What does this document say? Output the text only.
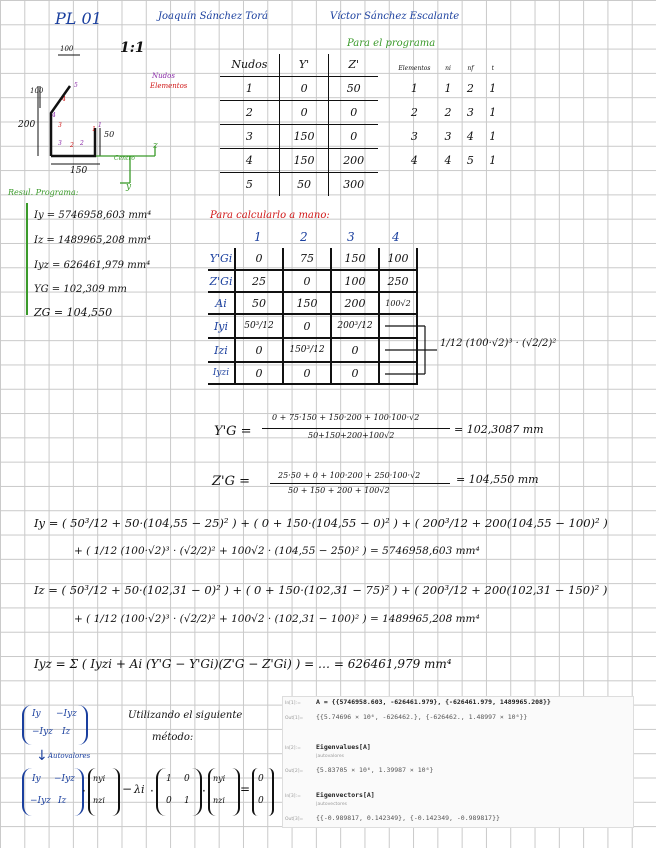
PL 01	Joaquín Sánchez Torá	Víctor Sánchez Escalante
1:1
100
100
200
50
150
Nudos
Elementos
Centro
z
y
5
4
1
2
3
4
3
1
2
Para el programa
Nudos	Y'	Z'
1	0	50
2	0	0
3	150	0
4	150	200
5	50	300
Elementos	ni	nf	t
1	1	2	1
2	2	3	1
3	3	4	1
4	4	5	1
Resul. Programa:
Iy = 5746958,603 mm⁴
Iz = 1489965,208 mm⁴
Iyz = 626461,979 mm⁴
YG = 102,309 mm
ZG = 104,550
Para calcularlo a mano:
1	2	3	4
Y'Gi	0	75	150	100
Z'Gi	25	0	100	250
Ai	50	150	200	100√2
Iyi	50³/12	0	200³/12	
Izi	0	150³/12	0	
Iyzi	0	0	0	
1/12 (100·√2)³ · (√2/2)²
Y'G =
0 + 75·150 + 150·200 + 100·100·√2
50+150+200+100√2	= 102,3087 mm
Z'G =	25·50 + 0 + 100·200 + 250·100·√2
50 + 150 + 200 + 100√2
= 104,550 mm
Iy = ( 50³/12 + 50·(104,55 − 25)² ) + ( 0 + 150·(104,55 − 0)² ) + ( 200³/12 + 200(104,55 − 100)² )
+ ( 1/12 (100·√2)³ · (√2/2)² + 100√2 · (104,55 − 250)² ) = 5746958,603 mm⁴
Iz = ( 50³/12 + 50·(102,31 − 0)² ) + ( 0 + 150·(102,31 − 75)² ) + ( 200³/12 + 200(102,31 − 150)² )
+ ( 1/12 (100·√2)³ · (√2/2)² + 100√2 · (102,31 − 100)² ) = 1489965,208 mm⁴
Iyz = Σ ( Iyzi + Ai (Y'G − Y'Gi)(Z'G − Z'Gi) ) = … = 626461,979 mm⁴
Iy −Iyz
−Iyz Iz
Utilizando el siguiente
método:
↓ Autovalores
Iy −Iyz
−Iyz Iz
·
nyi
nzi
− λi ·
1 0
0 1
·
nyi
nzi
=
0
0
In[1]:= A = {{5746958.603, -626461.979}, {-626461.979, 1489965.208}}
Out[1]= {{5.74696 × 10⁶, -626462.}, {-626462., 1.48997 × 10⁶}}
In[2]:= Eigenvalues[A]
|autovalores
Out[2]= {5.83705 × 10⁶, 1.39987 × 10⁶}
In[3]:= Eigenvectors[A]
|autovectores
Out[3]= {{-0.989817, 0.142349}, {-0.142349, -0.989817}}
